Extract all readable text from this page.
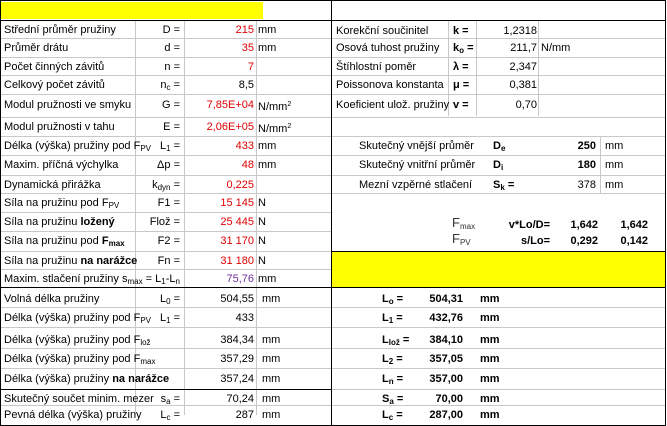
Střední průměr pružiny	D =	215 mm
Průměr drátu	d =	35 mm
Počet činných závitů	n =	7
Celkový počet závitů	$n_c$ =	8,5
Modul pružnosti ve smyku	G =	7,85E+04 $N/mm^2$
Modul pružnosti v tahu	E =	2,06E+05 $N/mm^2$
Délka (výška) pružiny pod $F_{PV}$ $L_1$ =	433 mm
Maxim. příčná výchylka	Δp =	48 mm
Dynamická přirážka	$k_{dyn}$ =	0,225
Síla na pružinu pod $F_{PV}$	F1 =	15 145 N
Síla na pružinu ložený	Flož =	25 445 N
Síla na pružinu pod $F_{max}$	F2 =	31 170 N
Síla na pružinu na narážce	Fn =	31 180 N
Maxim. stlačení pružiny $s_{max} = L_1-L_n$	75,76 mm
Volná délka pružiny	$L_0$ =	504,55 mm
Délka (výška) pružiny pod $F_{PV}$ $L_1$ =	433
Délka (výška) pružiny pod $F_{lož}$	384,34 mm
Délka (výška) pružiny pod $F_{max}$	357,29 mm
Délka (výška) pružiny na narážce	357,24 mm
Skutečný součet minim. mezer $s_a$ =	70,24 mm
Pevná délka (výška) pružiny	$L_c$ =	287 mm
Korekční součinitel k =	1,2318
Osová tuhost pružiny $k_o$ =	211,7 N/mm
Štíhlostní poměr	λ =	2,347
Poissonova konstanta μ =	0,381
Koeficient ulož. pružiny v =	0,70
Skutečný vnější průměr $D_e$	250 mm
Skutečný vnitřní průměr $D_i$	180 mm
Mezní vzpěrné stlačení $S_k$ =	378 mm
$F_{max}$	v*Lo/D=	1,642	1,642
$F_{PV}$	s/Lo=	0,292	0,142
$L_o$ =	504,31 mm
$L_1$ =	432,76 mm
$L_{lož}$ =	384,10 mm
$L_2$ =	357,05 mm
$L_n$ =	357,00 mm
$S_a$ =	70,00 mm
$L_c$ =	287,00 mm
